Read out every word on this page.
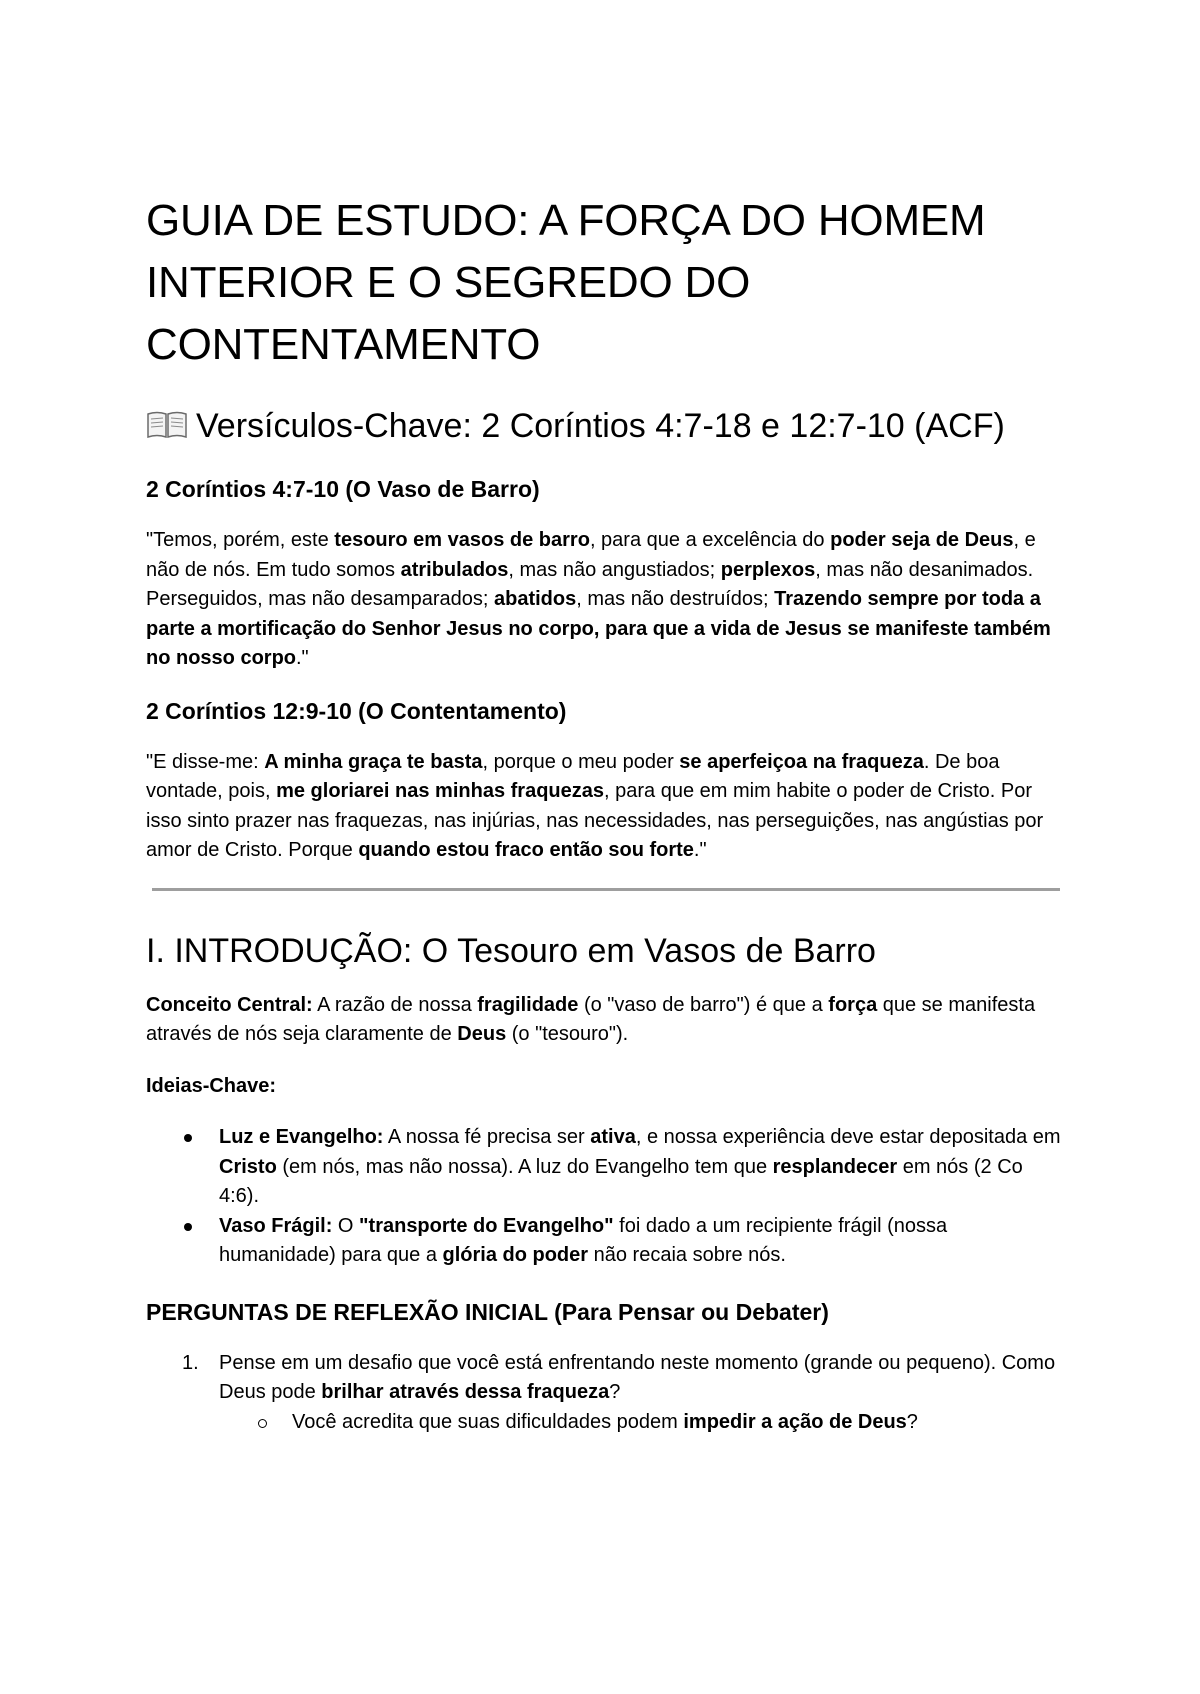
GUIA DE ESTUDO: A FORÇA DO HOMEM INTERIOR E O SEGREDO DO CONTENTAMENTO
Versículos-Chave: 2 Coríntios 4:7-18 e 12:7-10 (ACF)
2 Coríntios 4:7-10 (O Vaso de Barro)

"Temos, porém, este tesouro em vasos de barro, para que a excelência do poder seja de Deus, e não de nós. Em tudo somos atribulados, mas não angustiados; perplexos, mas não desanimados. Perseguidos, mas não desamparados; abatidos, mas não destruídos; Trazendo sempre por toda a parte a mortificação do Senhor Jesus no corpo, para que a vida de Jesus se manifeste também no nosso corpo."

2 Coríntios 12:9-10 (O Contentamento)

"E disse-me: A minha graça te basta, porque o meu poder se aperfeiçoa na fraqueza. De boa vontade, pois, me gloriarei nas minhas fraquezas, para que em mim habite o poder de Cristo. Por isso sinto prazer nas fraquezas, nas injúrias, nas necessidades, nas perseguições, nas angústias por amor de Cristo. Porque quando estou fraco então sou forte."

I. INTRODUÇÃO: O Tesouro em Vasos de Barro

Conceito Central: A razão de nossa fragilidade (o "vaso de barro") é que a força que se manifesta através de nós seja claramente de Deus (o "tesouro").

Ideias-Chave:

Luz e Evangelho: A nossa fé precisa ser ativa, e nossa experiência deve estar depositada em Cristo (em nós, mas não nossa). A luz do Evangelho tem que resplandecer em nós (2 Co 4:6).
Vaso Frágil: O "transporte do Evangelho" foi dado a um recipiente frágil (nossa humanidade) para que a glória do poder não recaia sobre nós.
PERGUNTAS DE REFLEXÃO INICIAL (Para Pensar ou Debater)
1. Pense em um desafio que você está enfrentando neste momento (grande ou pequeno). Como Deus pode brilhar através dessa fraqueza?
Você acredita que suas dificuldades podem impedir a ação de Deus?
